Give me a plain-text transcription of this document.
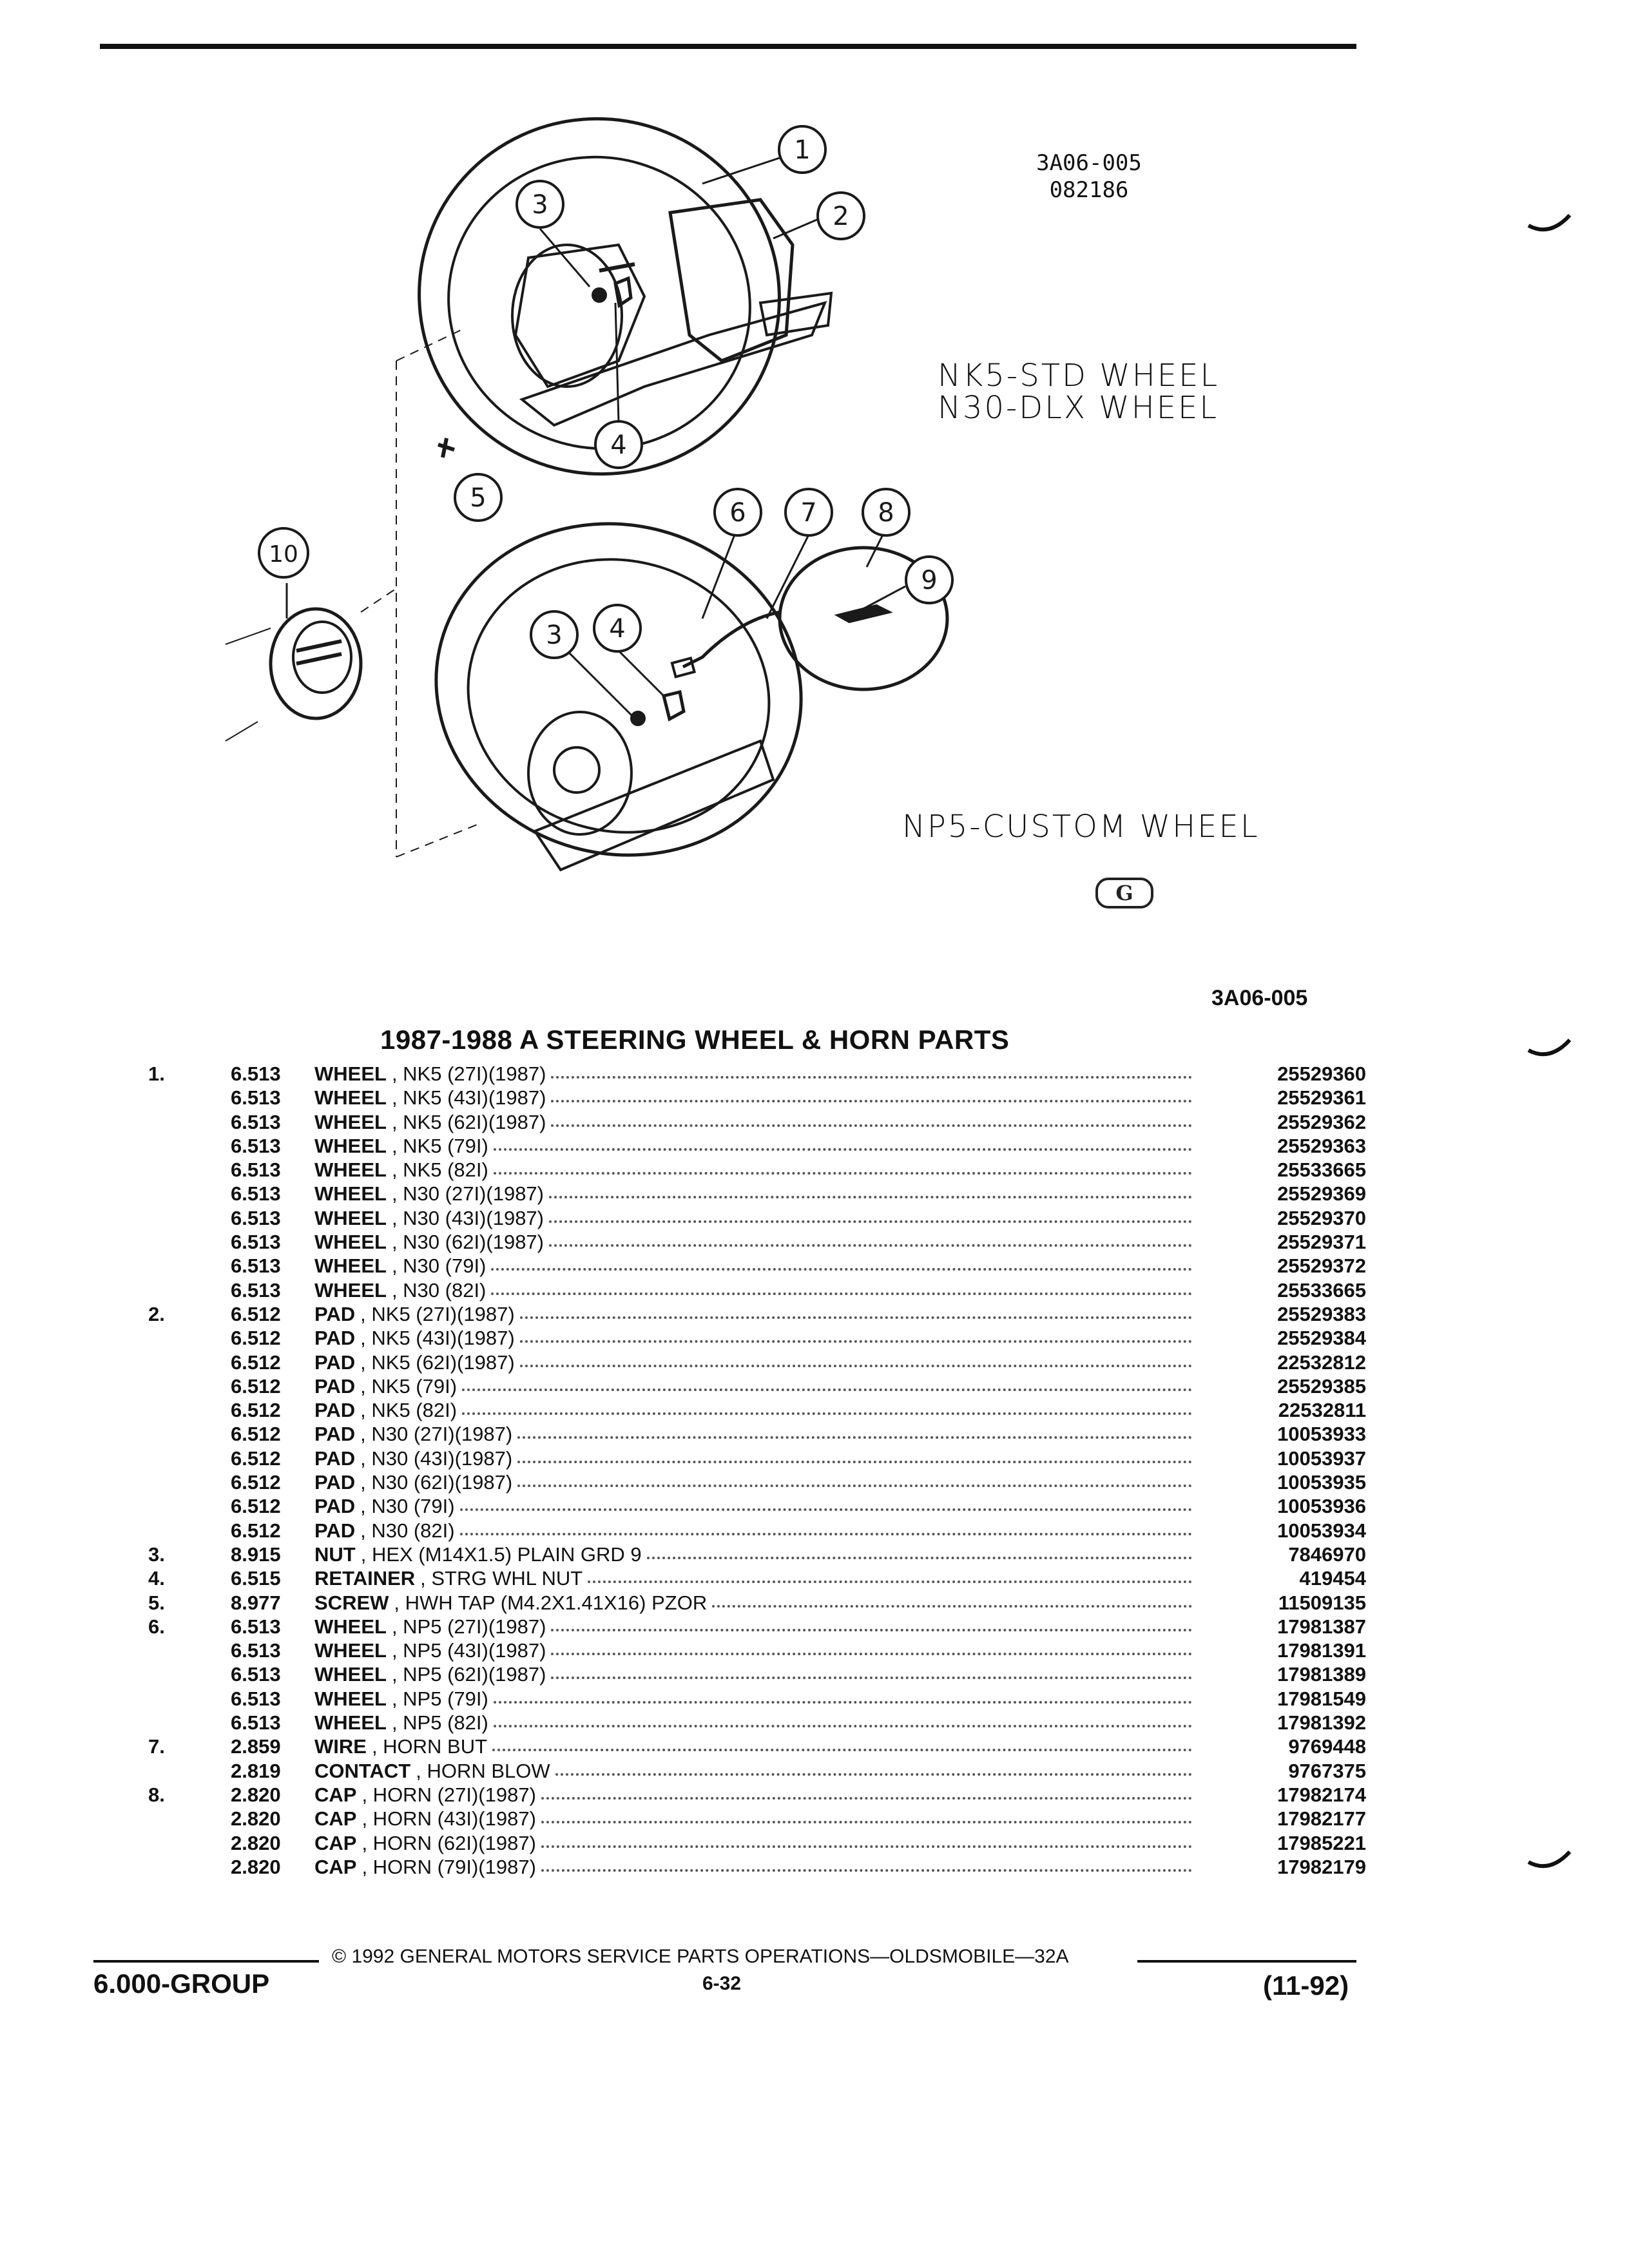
1
2
3
4
5	6 7 8
9
10
3 4
3A06-005
082186
NK5-STD WHEEL
N30-DLX WHEEL
NP5-CUSTOM WHEEL
G
3A06-005
1987-1988 A STEERING WHEEL & HORN PARTS
1.	6.513	WHEEL , NK5 (27I)(1987)	25529360
6.513	WHEEL , NK5 (43I)(1987)	25529361
6.513	WHEEL , NK5 (62I)(1987)	25529362
6.513	WHEEL , NK5 (79I)	25529363
6.513	WHEEL , NK5 (82I)	25533665
6.513	WHEEL , N30 (27I)(1987)	25529369
6.513	WHEEL , N30 (43I)(1987)	25529370
6.513	WHEEL , N30 (62I)(1987)	25529371
6.513	WHEEL , N30 (79I)	25529372
6.513	WHEEL , N30 (82I)	25533665
2.	6.512	PAD , NK5 (27I)(1987)	25529383
6.512	PAD , NK5 (43I)(1987)	25529384
6.512	PAD , NK5 (62I)(1987)	22532812
6.512	PAD , NK5 (79I)	25529385
6.512	PAD , NK5 (82I)	22532811
6.512	PAD , N30 (27I)(1987)	10053933
6.512	PAD , N30 (43I)(1987)	10053937
6.512	PAD , N30 (62I)(1987)	10053935
6.512	PAD , N30 (79I)	10053936
6.512	PAD , N30 (82I)	10053934
3.	8.915	NUT , HEX (M14X1.5) PLAIN GRD 9	7846970
4.	6.515	RETAINER , STRG WHL NUT	419454
5.	8.977	SCREW , HWH TAP (M4.2X1.41X16) PZOR	11509135
6.	6.513	WHEEL , NP5 (27I)(1987)	17981387
6.513	WHEEL , NP5 (43I)(1987)	17981391
6.513	WHEEL , NP5 (62I)(1987)	17981389
6.513	WHEEL , NP5 (79I)	17981549
6.513	WHEEL , NP5 (82I)	17981392
7.	2.859	WIRE , HORN BUT	9769448
2.819	CONTACT , HORN BLOW	9767375
8.	2.820	CAP , HORN (27I)(1987)	17982174
2.820	CAP , HORN (43I)(1987)	17982177
2.820	CAP , HORN (62I)(1987)	17985221
2.820	CAP , HORN (79I)(1987)	17982179
© 1992 GENERAL MOTORS SERVICE PARTS OPERATIONS—OLDSMOBILE—32A
6.000-GROUP	6-32	(11-92)
